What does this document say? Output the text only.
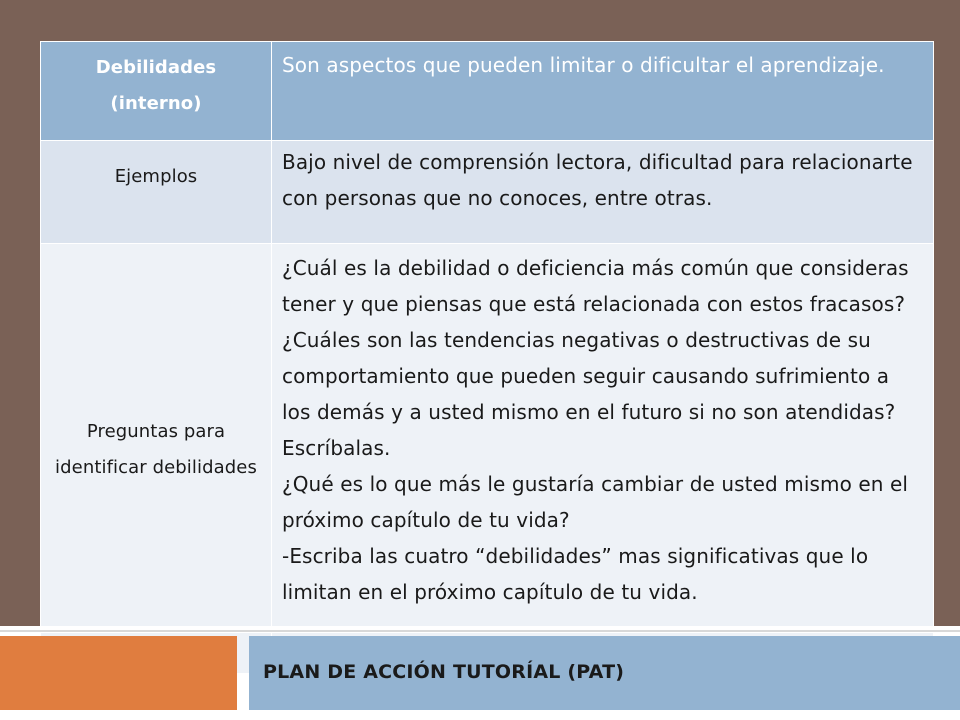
Debilidades (interno)	Son aspectos que pueden limitar o dificultar el aprendizaje.

Ejemplos	Bajo nivel de comprensión lectora, dificultad para relacionarte con personas que no conoces, entre otras.

Preguntas para identificar debilidades	¿Cuál es la debilidad o deficiencia más común que consideras tener y que piensas que está relacionada con estos fracasos?
¿Cuáles son las tendencias negativas o destructivas de su comportamiento que pueden seguir causando sufrimiento a los demás y a usted mismo en el futuro si no son atendidas? Escríbalas.
¿Qué es lo que más le gustaría cambiar de usted mismo en el próximo capítulo de tu vida?
-Escriba las cuatro “debilidades” mas significativas que lo limitan en el próximo capítulo de tu vida.
PLAN DE ACCIÓN TUTORÍAL (PAT)
